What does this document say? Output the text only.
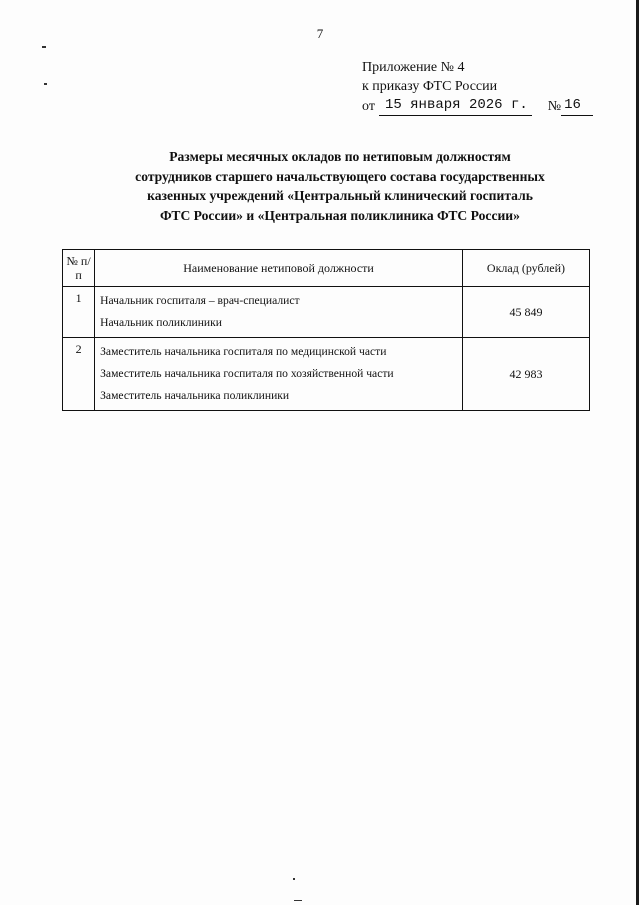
7
Приложение № 4
к приказу ФТС России
от 15 января 2026 г. № 16
Размеры месячных окладов по нетиповым должностям
сотрудников старшего начальствующего состава государственных
казенных учреждений «Центральный клинический госпиталь
ФТС России» и «Центральная поликлиника ФТС России»
№ п/п	Наименование нетиповой должности	Оклад (рублей)
1	Начальник госпиталя – врач-специалист
Начальник поликлиники	45 849
2	Заместитель начальника госпиталя по медицинской части
Заместитель начальника госпиталя по хозяйственной части
Заместитель начальника поликлиники	42 983
